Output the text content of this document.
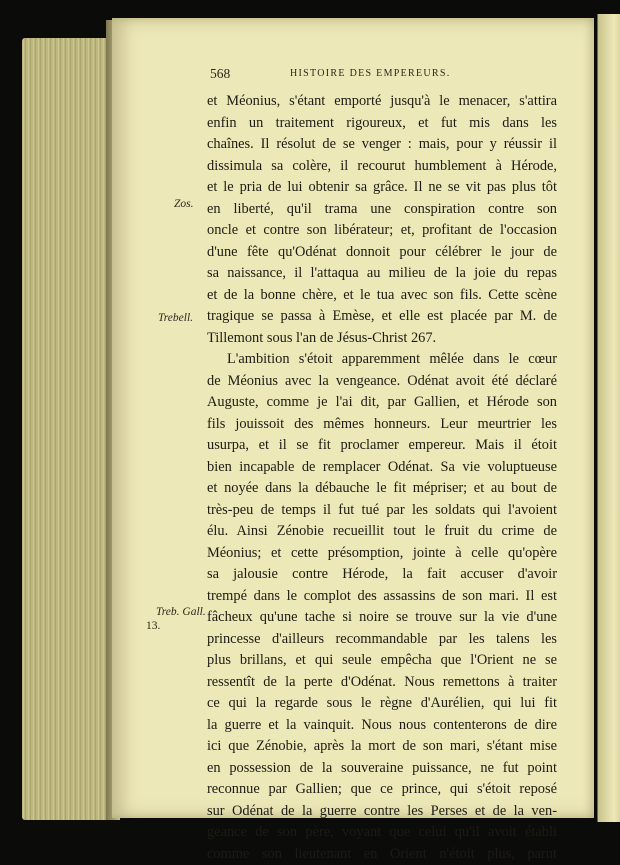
568	HISTOIRE DES EMPEREURS.
et Méonius, s'étant emporté jusqu'à le menacer, s'attira
enfin un traitement rigoureux, et fut mis dans les
chaînes. Il résolut de se venger : mais, pour y réussir il
dissimula sa colère, il recourut humblement à Hérode,
et le pria de lui obtenir sa grâce. Il ne se vit pas plus tôt
en liberté, qu'il trama une conspiration contre son
oncle et contre son libérateur; et, profitant de l'occasion
d'une fête qu'Odénat donnoit pour célébrer le jour de
sa naissance, il l'attaqua au milieu de la joie du repas
et de la bonne chère, et le tua avec son fils. Cette scène
tragique se passa à Emèse, et elle est placée par M. de
Tillemont sous l'an de Jésus-Christ 267.
L'ambition s'étoit apparemment mêlée dans le cœur
de Méonius avec la vengeance. Odénat avoit été déclaré
Auguste, comme je l'ai dit, par Gallien, et Hérode son
fils jouissoit des mêmes honneurs. Leur meurtrier les
usurpa, et il se fit proclamer empereur. Mais il étoit
bien incapable de remplacer Odénat. Sa vie voluptueuse
et noyée dans la débauche le fit mépriser; et au bout de
très-peu de temps il fut tué par les soldats qui l'avoient
élu. Ainsi Zénobie recueillit tout le fruit du crime de
Méonius; et cette présomption, jointe à celle qu'opère
sa jalousie contre Hérode, la fait accuser d'avoir
trempé dans le complot des assassins de son mari. Il est
fâcheux qu'une tache si noire se trouve sur la vie d'une
princesse d'ailleurs recommandable par les talens les
plus brillans, et qui seule empêcha que l'Orient ne se
ressentît de la perte d'Odénat. Nous remettons à traiter
ce qui la regarde sous le règne d'Aurélien, qui lui fit
la guerre et la vainquit. Nous nous contenterons de dire
ici que Zénobie, après la mort de son mari, s'étant mise
en possession de la souveraine puissance, ne fut point
reconnue par Gallien; que ce prince, qui s'étoit reposé
sur Odénat de la guerre contre les Perses et de la ven-
geance de son père, voyant que celui qu'il avoit établi
comme son lieutenant en Orient n'étoit plus, parut
Zos.
Trebell.
Treb. Gall.
13.
